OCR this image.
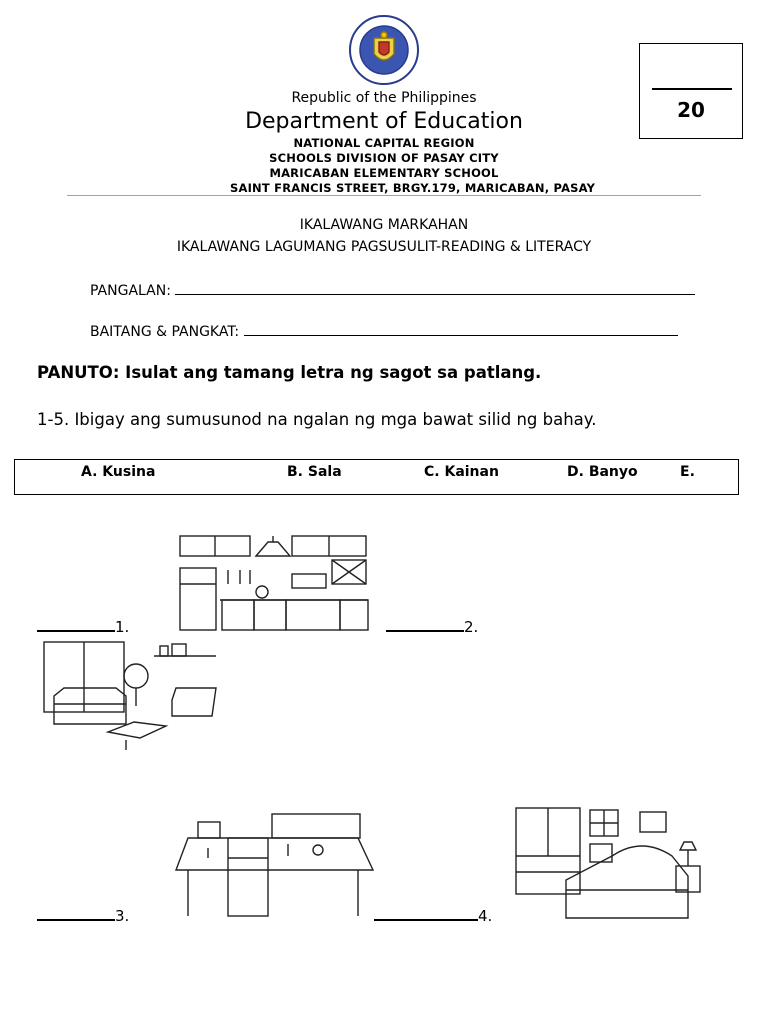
20
Republic of the Philippines
Department of Education
NATIONAL CAPITAL REGION
SCHOOLS DIVISION OF PASAY CITY
MARICABAN ELEMENTARY SCHOOL
SAINT FRANCIS STREET, BRGY.179, MARICABAN, PASAY
IKALAWANG MARKAHAN
IKALAWANG LAGUMANG PAGSUSULIT-READING & LITERACY
PANGALAN:
BAITANG & PANGKAT:
PANUTO: Isulat ang tamang letra ng sagot sa patlang.
1-5. Ibigay ang sumusunod na ngalan ng mga bawat silid ng bahay.
A. Kusina	B. Sala	C. Kainan	D. Banyo	E.
1.	2.
3.	4.
